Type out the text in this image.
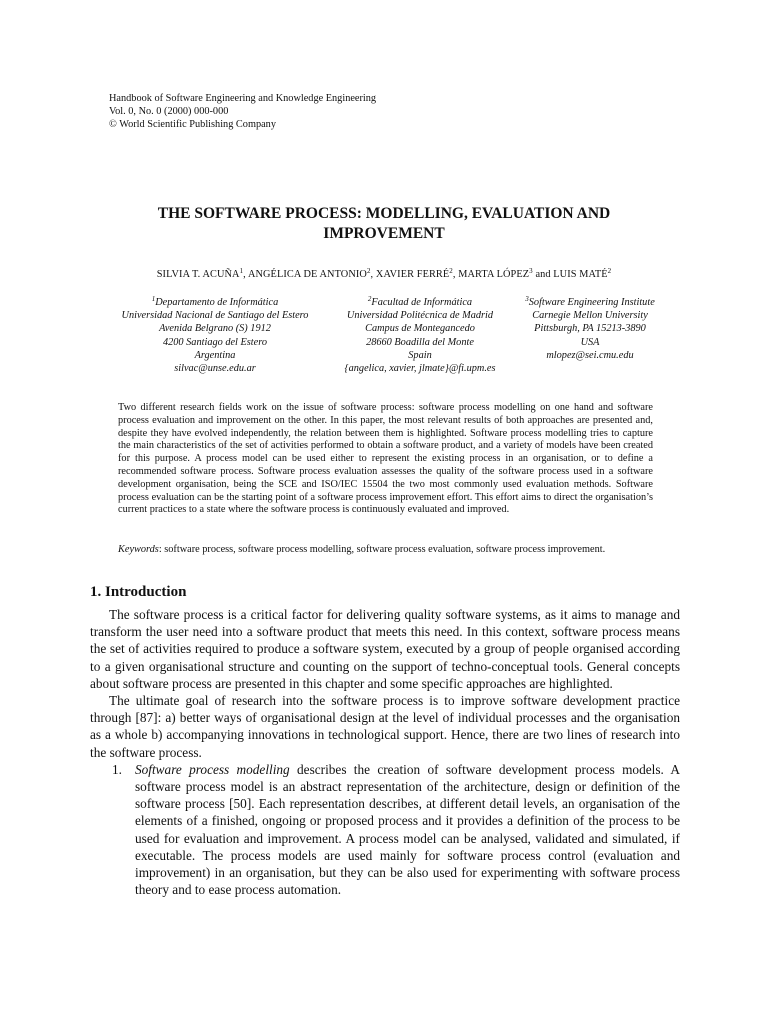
Handbook of Software Engineering and Knowledge Engineering
Vol. 0, No. 0 (2000) 000-000
© World Scientific Publishing Company
THE SOFTWARE PROCESS: MODELLING, EVALUATION AND
IMPROVEMENT
SILVIA T. ACUÑA$^1$, ANGÉLICA DE ANTONIO$^2$, XAVIER FERRÉ$^2$, MARTA LÓPEZ$^3$ and LUIS MATÉ$^2$
$^1$Departamento de Informática
Universidad Nacional de Santiago del Estero
Avenida Belgrano (S) 1912
4200 Santiago del Estero
Argentina
silvac@unse.edu.ar
$^2$Facultad de Informática
Universidad Politécnica de Madrid
Campus de Montegancedo
28660 Boadilla del Monte
Spain
{angelica, xavier, jlmate}@fi.upm.es
$^3$Software Engineering Institute
Carnegie Mellon University
Pittsburgh, PA 15213-3890
USA
mlopez@sei.cmu.edu

Two different research fields work on the issue of software process: software process modelling on one hand and software process evaluation and improvement on the other. In this paper, the most relevant results of both approaches are presented and, despite they have evolved independently, the relation between them is highlighted. Software process modelling tries to capture the main characteristics of the set of activities performed to obtain a software product, and a variety of models have been created for this purpose. A process model can be used either to represent the existing process in an organisation, or to define a recommended software process. Software process evaluation assesses the quality of the software process used in a software development organisation, being the SCE and ISO/IEC 15504 the two most commonly used evaluation methods. Software process evaluation can be the starting point of a software process improvement effort. This effort aims to direct the organisation’s current practices to a state where the software process is continuously evaluated and improved.

Keywords: software process, software process modelling, software process evaluation, software process improvement.
1. Introduction

The software process is a critical factor for delivering quality software systems, as it aims to manage and transform the user need into a software product that meets this need. In this context, software process means the set of activities required to produce a software system, executed by a group of people organised according to a given organisational structure and counting on the support of techno-conceptual tools. General concepts about software process are presented in this chapter and some specific approaches are highlighted.

The ultimate goal of research into the software process is to improve software development practice through [87]: a) better ways of organisational design at the level of individual processes and the organisation as a whole b) accompanying innovations in technological support. Hence, there are two lines of research into the software process.

1. Software process modelling describes the creation of software development process models. A software process model is an abstract representation of the architecture, design or definition of the software process [50]. Each representation describes, at different detail levels, an organisation of the elements of a finished, ongoing or proposed process and it provides a definition of the process to be used for evaluation and improvement. A process model can be analysed, validated and simulated, if executable. The process models are used mainly for software process control (evaluation and improvement) in an organisation, but they can be also used for experimenting with software process theory and to ease process automation.
